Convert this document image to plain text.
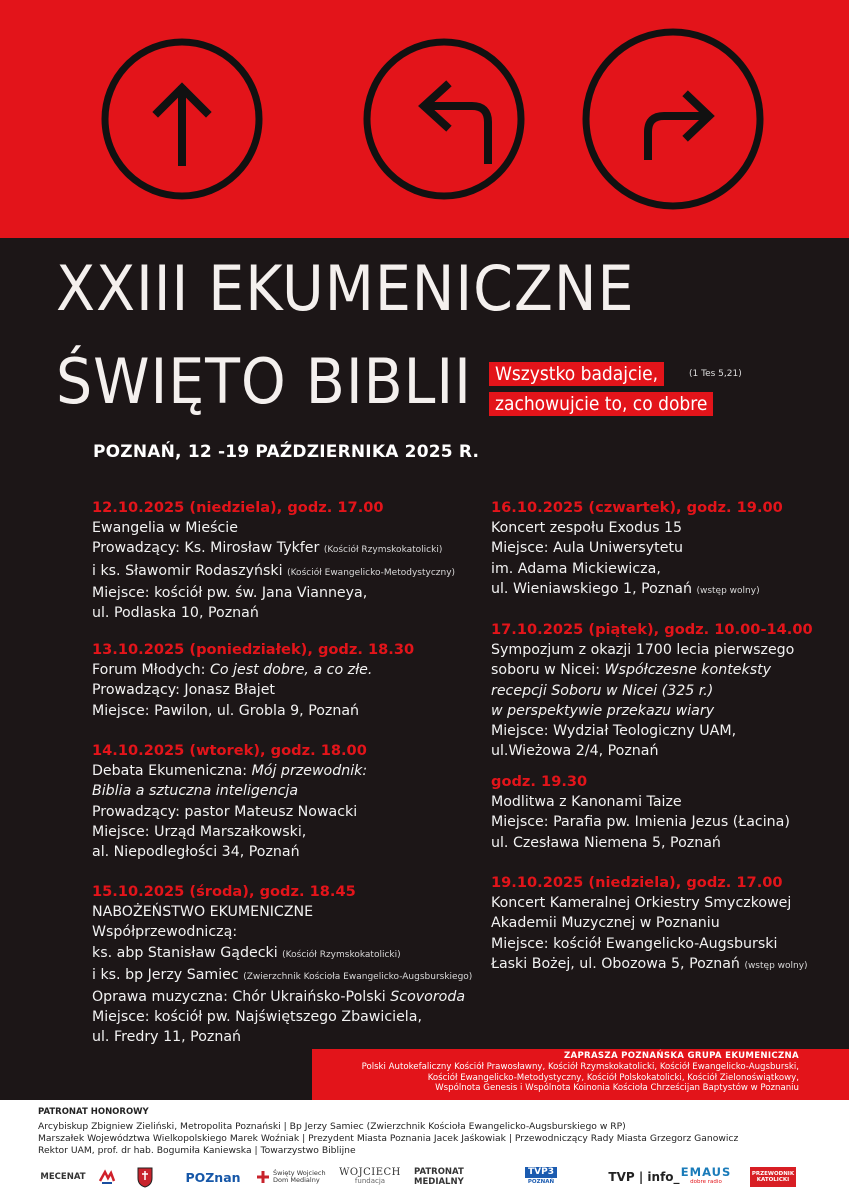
XXIII EKUMENICZNE
ŚWIĘTO BIBLII	Wszystko badajcie,	(1 Tes 5,21)
zachowujcie to, co dobre
POZNAŃ, 12 -19 PAŹDZIERNIKA 2025 R.
12.10.2025 (niedziela), godz. 17.00
Ewangelia w Mieście
Prowadzący: Ks. Mirosław Tykfer (Kościół Rzymskokatolicki)
i ks. Sławomir Rodaszyński (Kościół Ewangelicko-Metodystyczny)
Miejsce: kościół pw. św. Jana Vianneya,
ul. Podlaska 10, Poznań
13.10.2025 (poniedziałek), godz. 18.30
Forum Młodych: Co jest dobre, a co złe.
Prowadzący: Jonasz Błajet
Miejsce: Pawilon, ul. Grobla 9, Poznań
14.10.2025 (wtorek), godz. 18.00
Debata Ekumeniczna: Mój przewodnik:
Biblia a sztuczna inteligencja
Prowadzący: pastor Mateusz Nowacki
Miejsce: Urząd Marszałkowski,
al. Niepodległości 34, Poznań
15.10.2025 (środa), godz. 18.45
NABOŻEŃSTWO EKUMENICZNE
Współprzewodniczą:
ks. abp Stanisław Gądecki (Kościół Rzymskokatolicki)
i ks. bp Jerzy Samiec (Zwierzchnik Kościoła Ewangelicko-Augsburskiego)
Oprawa muzyczna: Chór Ukraińsko-Polski Scovoroda
Miejsce: kościół pw. Najświętszego Zbawiciela,
ul. Fredry 11, Poznań
16.10.2025 (czwartek), godz. 19.00
Koncert zespołu Exodus 15
Miejsce: Aula Uniwersytetu
im. Adama Mickiewicza,
ul. Wieniawskiego 1, Poznań (wstęp wolny)
17.10.2025 (piątek), godz. 10.00-14.00
Sympozjum z okazji 1700 lecia pierwszego
soboru w Nicei: Współczesne konteksty
recepcji Soboru w Nicei (325 r.)
w perspektywie przekazu wiary
Miejsce: Wydział Teologiczny UAM,
ul.Wieżowa 2/4, Poznań
godz. 19.30
Modlitwa z Kanonami Taize
Miejsce: Parafia pw. Imienia Jezus (Łacina)
ul. Czesława Niemena 5, Poznań
19.10.2025 (niedziela), godz. 17.00
Koncert Kameralnej Orkiestry Smyczkowej
Akademii Muzycznej w Poznaniu
Miejsce: kościół Ewangelicko-Augsburski
Łaski Bożej, ul. Obozowa 5, Poznań (wstęp wolny)
ZAPRASZA POZNAŃSKA GRUPA EKUMENICZNA
Polski Autokefaliczny Kościół Prawosławny, Kościół Rzymskokatolicki, Kościół Ewangelicko-Augsburski,
Kościół Ewangelicko-Metodystyczny, Kościół Polskokatolicki, Kościół Zielonoświątkowy,
Wspólnota Genesis i Wspólnota Koinonia Kościoła Chrześcijan Baptystów w Poznaniu
PATRONAT HONOROWY
Arcybiskup Zbigniew Zieliński, Metropolita Poznański | Bp Jerzy Samiec (Zwierzchnik Kościoła Ewangelicko-Augsburskiego w RP)
Marszałek Województwa Wielkopolskiego Marek Woźniak | Prezydent Miasta Poznania Jacek Jaśkowiak | Przewodniczący Rady Miasta Grzegorz Ganowicz
Rektor UAM, prof. dr hab. Bogumiła Kaniewska | Towarzystwo Biblijne
MECENAT	POZnan	Święty Wojciech Dom Medialny
WOJCIECH
fundacja
PATRONAT MEDIALNY
TVP3
POZNAŃ	TVP | info_ EMAUS
dobre radio
PRZEWODNIK KATOLICKI
